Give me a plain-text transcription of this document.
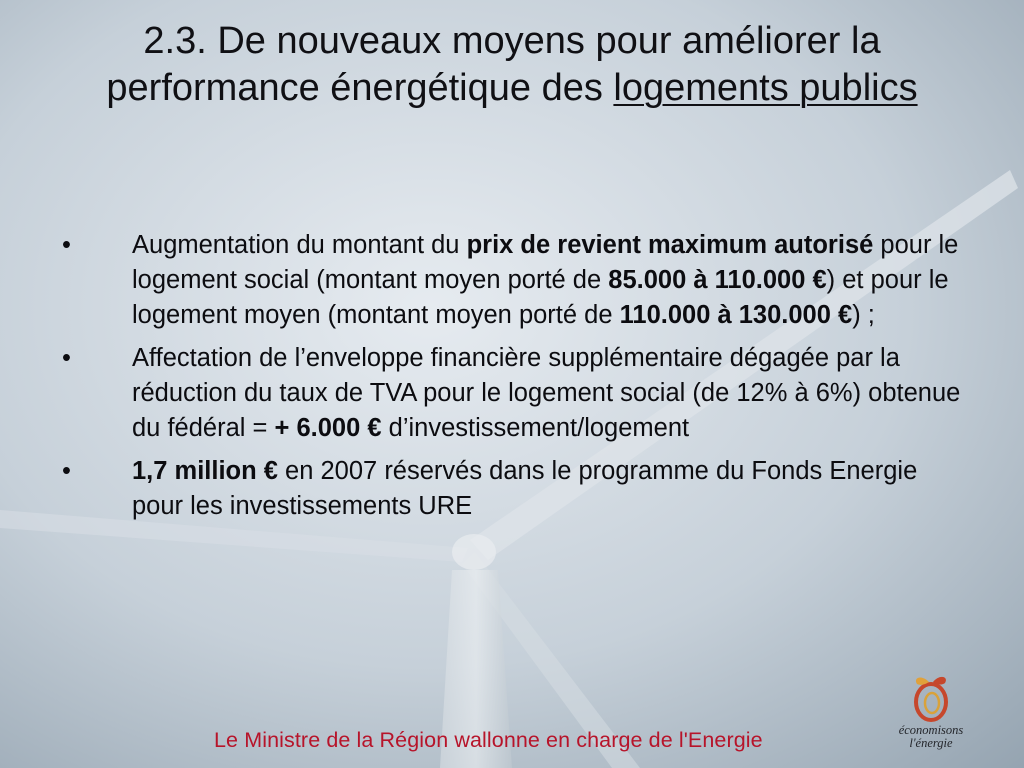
2.3. De nouveaux moyens pour améliorer la performance énergétique des logements publics
• Augmentation du montant du prix de revient maximum autorisé pour le logement social (montant moyen porté de 85.000 à 110.000 €) et pour le logement moyen (montant moyen porté de 110.000 à 130.000 €) ;
• Affectation de l’enveloppe financière supplémentaire dégagée par la réduction du taux de TVA pour le logement social (de 12% à 6%) obtenue du fédéral = + 6.000 € d’investissement/logement
• 1,7 million € en 2007 réservés dans le programme du Fonds Energie pour les investissements URE
Le Ministre de la Région wallonne en charge de l'Energie	économisons
l'énergie
